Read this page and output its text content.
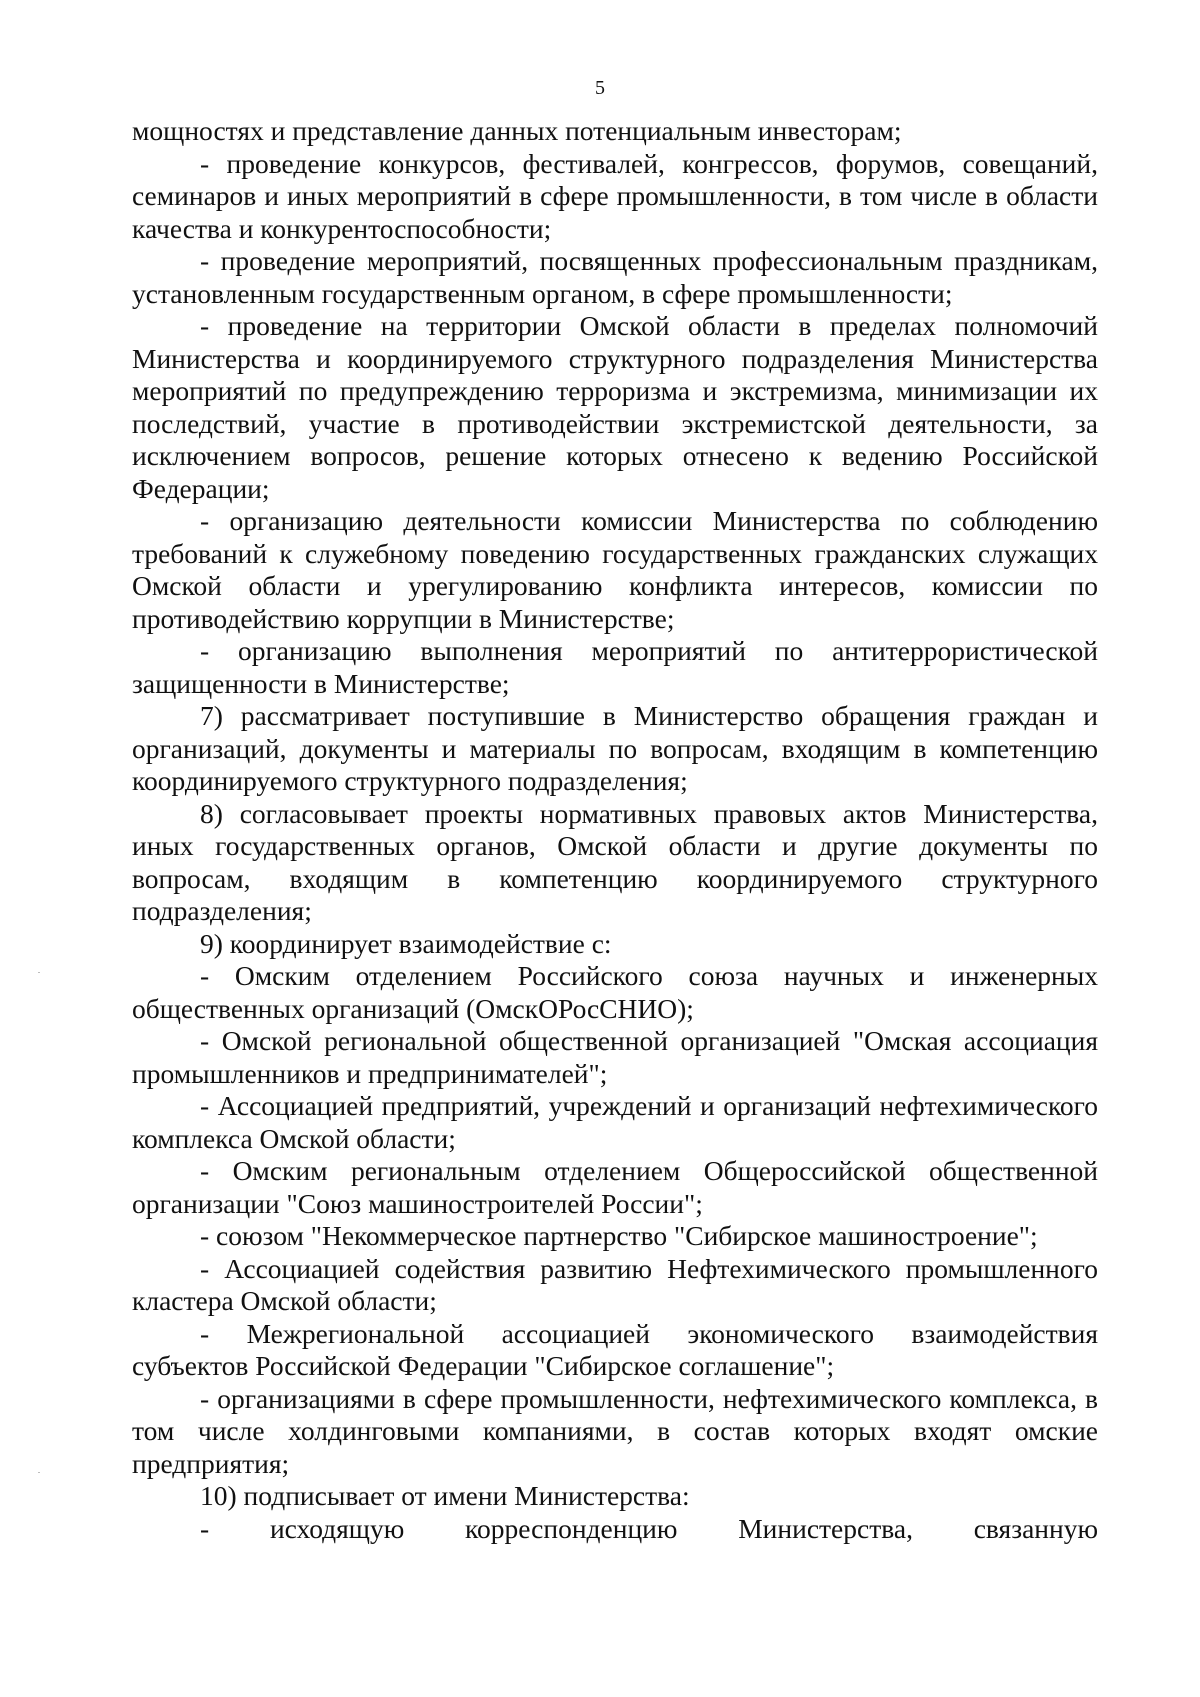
5

мощностях и представление данных потенциальным инвесторам;

- проведение конкурсов, фестивалей, конгрессов, форумов, совещаний, семинаров и иных мероприятий в сфере промышленности, в том числе в области качества и конкурентоспособности;

- проведение мероприятий, посвященных профессиональным праздникам, установленным государственным органом, в сфере промышленности;

- проведение на территории Омской области в пределах полномочий Министерства и координируемого структурного подразделения Министерства мероприятий по предупреждению терроризма и экстремизма, минимизации их последствий, участие в противодействии экстремистской деятельности, за исключением вопросов, решение которых отнесено к ведению Российской Федерации;

- организацию деятельности комиссии Министерства по соблюдению требований к служебному поведению государственных гражданских служащих Омской области и урегулированию конфликта интересов, комиссии по противодействию коррупции в Министерстве;

- организацию выполнения мероприятий по антитеррористической защищенности в Министерстве;

7) рассматривает поступившие в Министерство обращения граждан и организаций, документы и материалы по вопросам, входящим в компетенцию координируемого структурного подразделения;

8) согласовывает проекты нормативных правовых актов Министерства, иных государственных органов, Омской области и другие документы по вопросам, входящим в компетенцию координируемого структурного подразделения;

9) координирует взаимодействие с:

- Омским отделением Российского союза научных и инженерных общественных организаций (ОмскОРосСНИО);

- Омской региональной общественной организацией "Омская ассоциация промышленников и предпринимателей";

- Ассоциацией предприятий, учреждений и организаций нефтехимического комплекса Омской области;

- Омским региональным отделением Общероссийской общественной организации "Союз машиностроителей России";

- союзом "Некоммерческое партнерство "Сибирское машиностроение";

- Ассоциацией содействия развитию Нефтехимического промышленного кластера Омской области;

- Межрегиональной ассоциацией экономического взаимодействия субъектов Российской Федерации "Сибирское соглашение";

- организациями в сфере промышленности, нефтехимического комплекса, в том числе холдинговыми компаниями, в состав которых входят омские предприятия;

10) подписывает от имени Министерства:

- исходящую корреспонденцию Министерства, связанную
